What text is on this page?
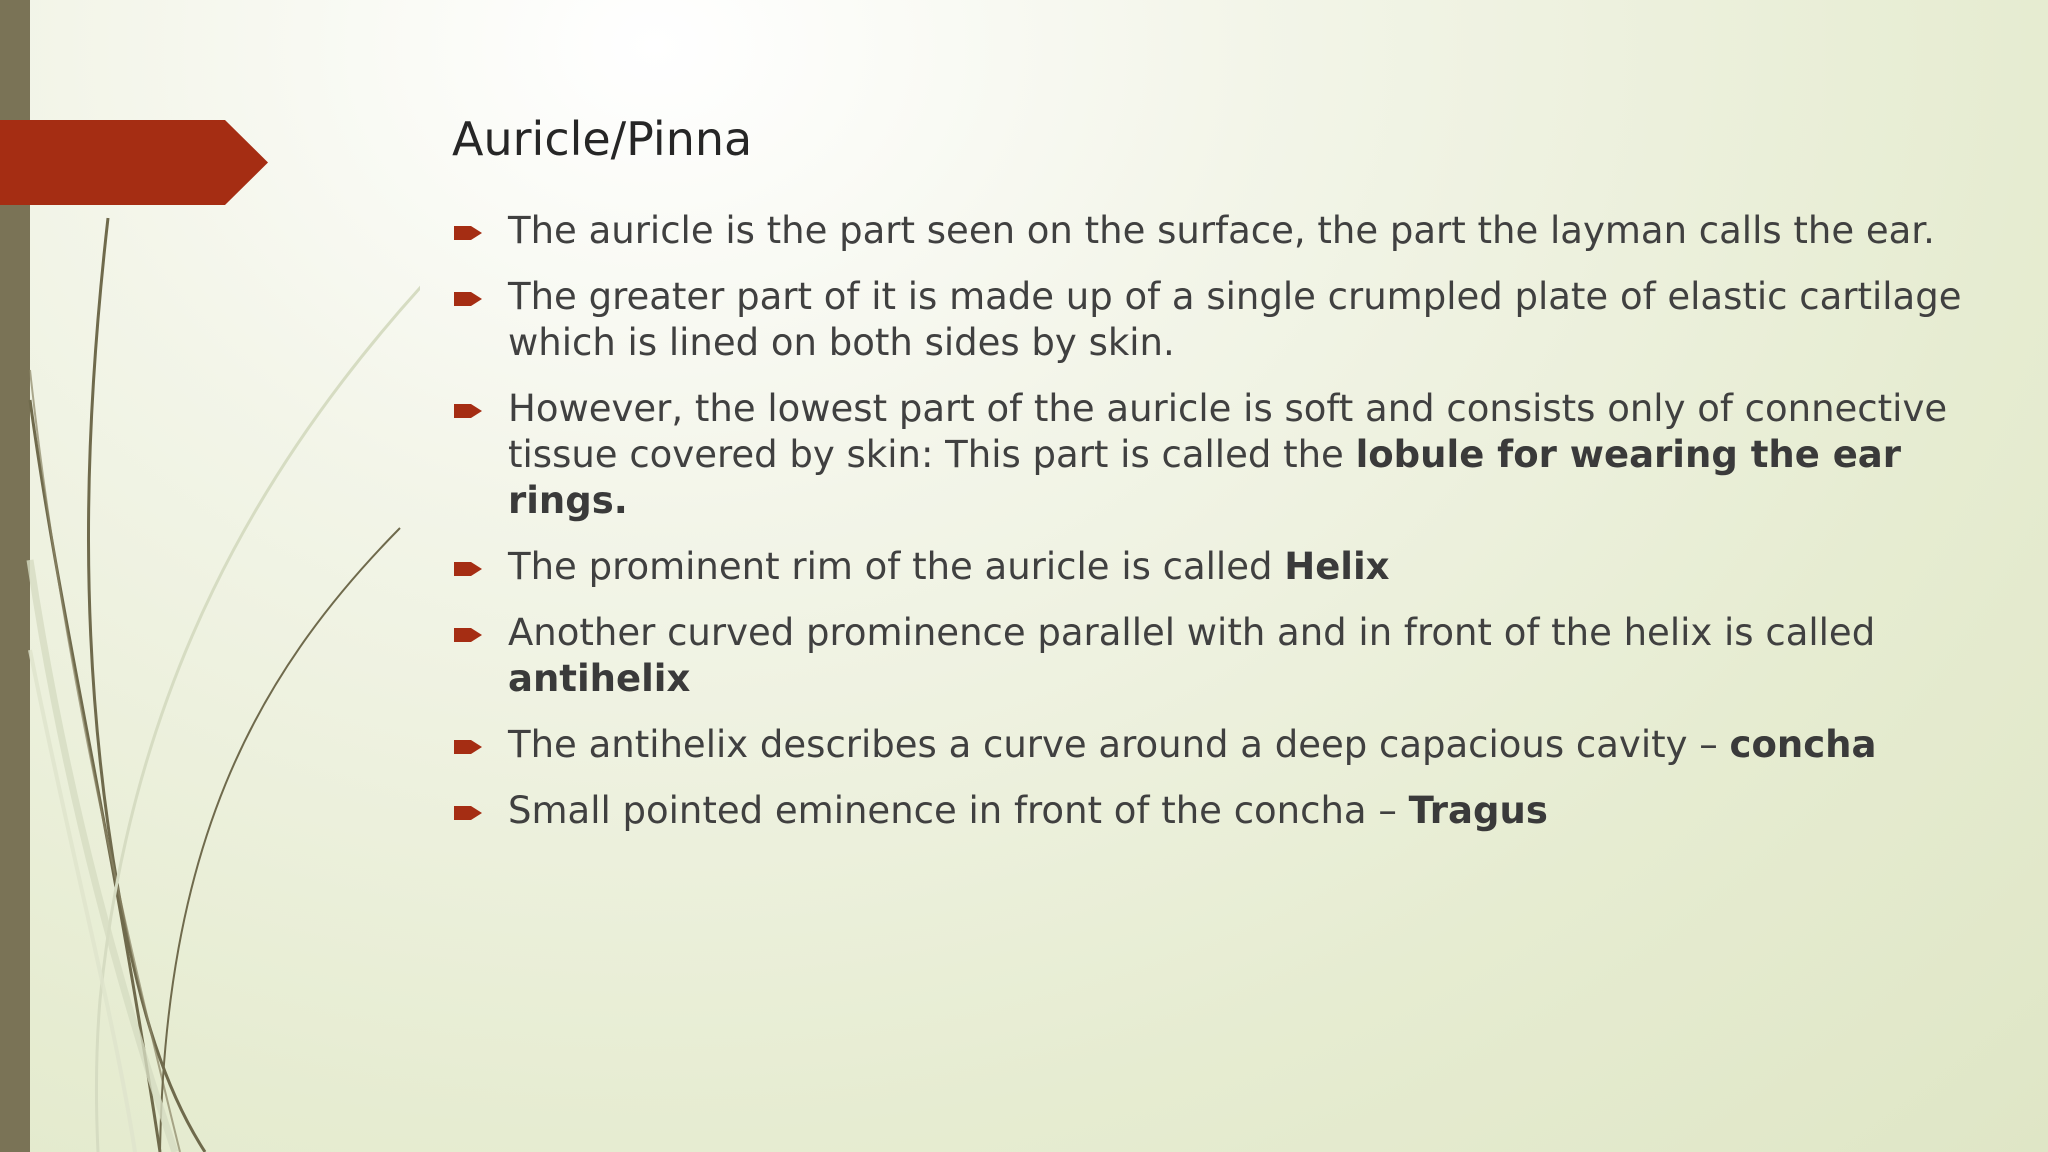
Auricle/Pinna
The auricle is the part seen on the surface, the part the layman calls the ear.
The greater part of it is made up of a single crumpled plate of elastic cartilage which is lined on both sides by skin.
However, the lowest part of the auricle is soft and consists only of connective tissue covered by skin: This part is called the lobule for wearing the ear rings.
The prominent rim of the auricle is called Helix
Another curved prominence parallel with and in front of the helix is called antihelix
The antihelix describes a curve around a deep capacious cavity – concha
Small pointed eminence in front of the concha – Tragus
